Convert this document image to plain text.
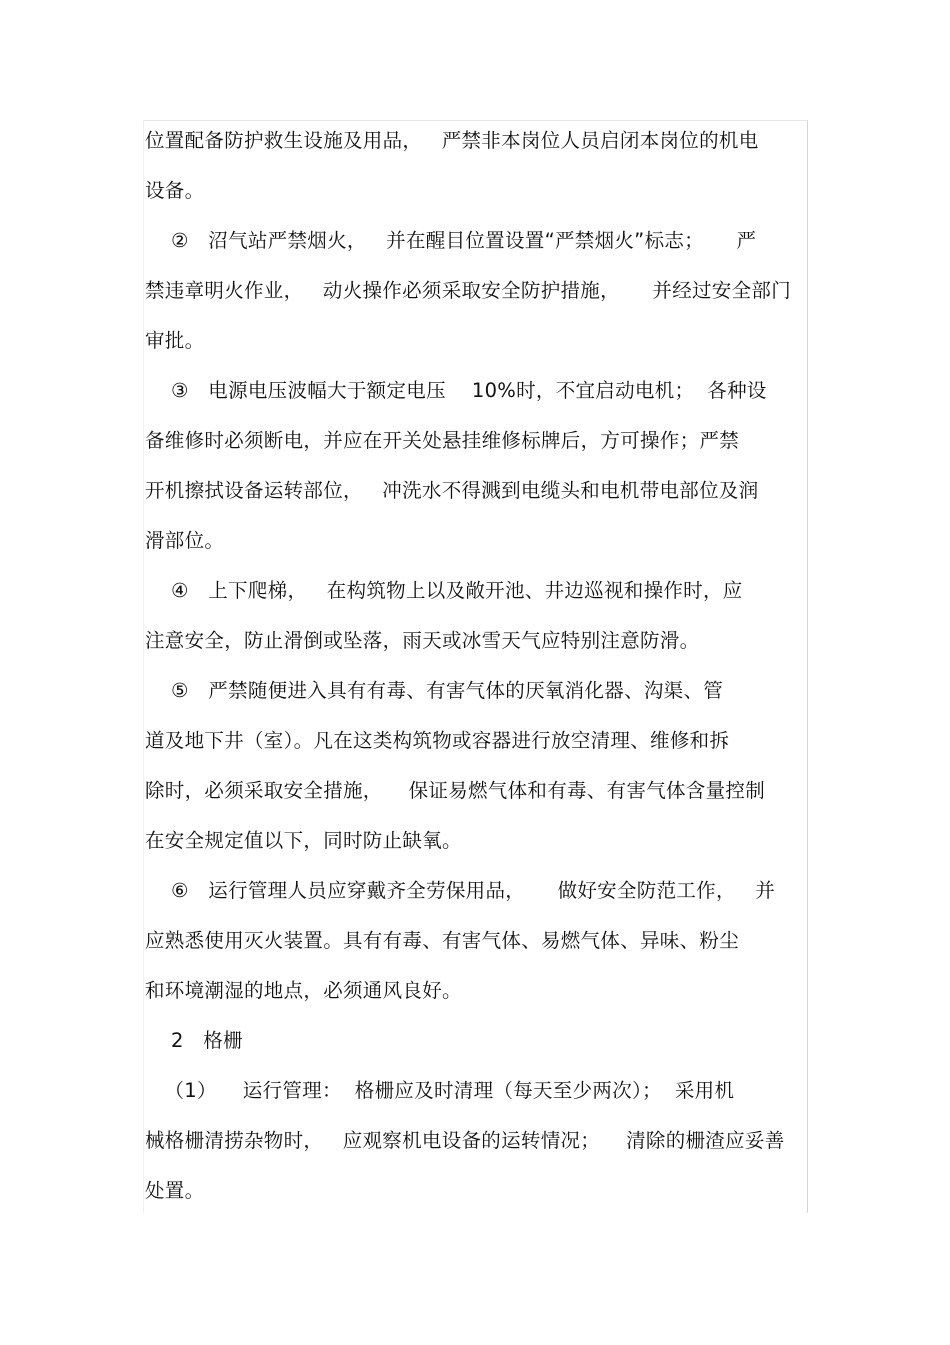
位置配备防护救生设施及用品，   严禁非本岗位人员启闭本岗位的机电
设备。
②   沼气站严禁烟火，   并在醒目位置设置“严禁烟火”标志；     严
禁违章明火作业，   动火操作必须采取安全防护措施，     并经过安全部门
审批。
③   电源电压波幅大于额定电压    10%时，不宜启动电机；  各种设
备维修时必须断电，并应在开关处悬挂维修标牌后，方可操作；严禁
开机擦拭设备运转部位，   冲洗水不得溅到电缆头和电机带电部位及润
滑部位。
④   上下爬梯，   在构筑物上以及敞开池、井边巡视和操作时，应
注意安全，防止滑倒或坠落，雨天或冰雪天气应特别注意防滑。
⑤   严禁随便进入具有有毒、有害气体的厌氧消化器、沟渠、管
道及地下井（室）。凡在这类构筑物或容器进行放空清理、维修和拆
除时，必须采取安全措施，    保证易燃气体和有毒、有害气体含量控制
在安全规定值以下，同时防止缺氧。
⑥   运行管理人员应穿戴齐全劳保用品，     做好安全防范工作，   并
应熟悉使用灭火装置。具有有毒、有害气体、易燃气体、异味、粉尘
和环境潮湿的地点，必须通风良好。
2   格栅
（1）    运行管理：  格栅应及时清理（每天至少两次）；  采用机
械格栅清捞杂物时，   应观察机电设备的运转情况；    清除的栅渣应妥善
处置。
